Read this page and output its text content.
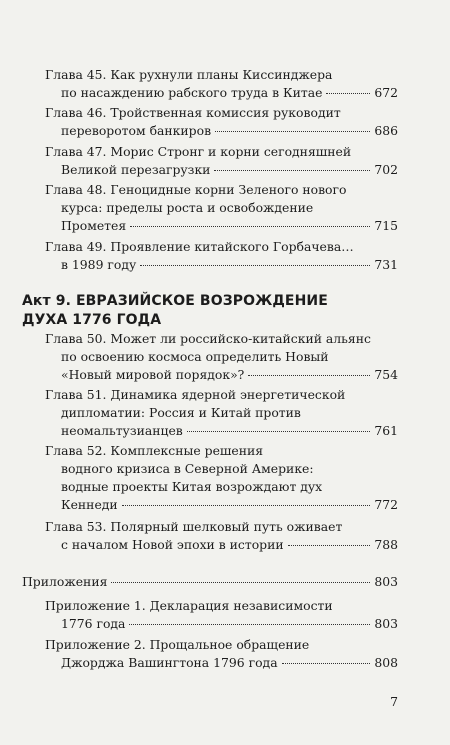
Глава 45. Как рухнули планы Киссинджера
по насаждению рабского труда в Китае	672
Глава 46. Тройственная комиссия руководит
переворотом банкиров	686
Глава 47. Морис Стронг и корни сегодняшней
Великой перезагрузки	702
Глава 48. Геноцидные корни Зеленого нового
курса: пределы роста и освобождение
Прометея	715
Глава 49. Проявление китайского Горбачева…
в 1989 году	731
Акт 9. ЕВРАЗИЙСКОЕ ВОЗРОЖДЕНИЕ
ДУХА 1776 ГОДА
Глава 50. Может ли российско-китайский альянс
по освоению космоса определить Новый
«Новый мировой порядок»?	754
Глава 51. Динамика ядерной энергетической
дипломатии: Россия и Китай против
неомальтузианцев	761
Глава 52. Комплексные решения
водного кризиса в Северной Америке:
водные проекты Китая возрождают дух
Кеннеди	772
Глава 53. Полярный шелковый путь оживает
с началом Новой эпохи в истории	788
Приложения	803
Приложение 1. Декларация независимости
1776 года	803
Приложение 2. Прощальное обращение
Джорджа Вашингтона 1796 года	808
7
